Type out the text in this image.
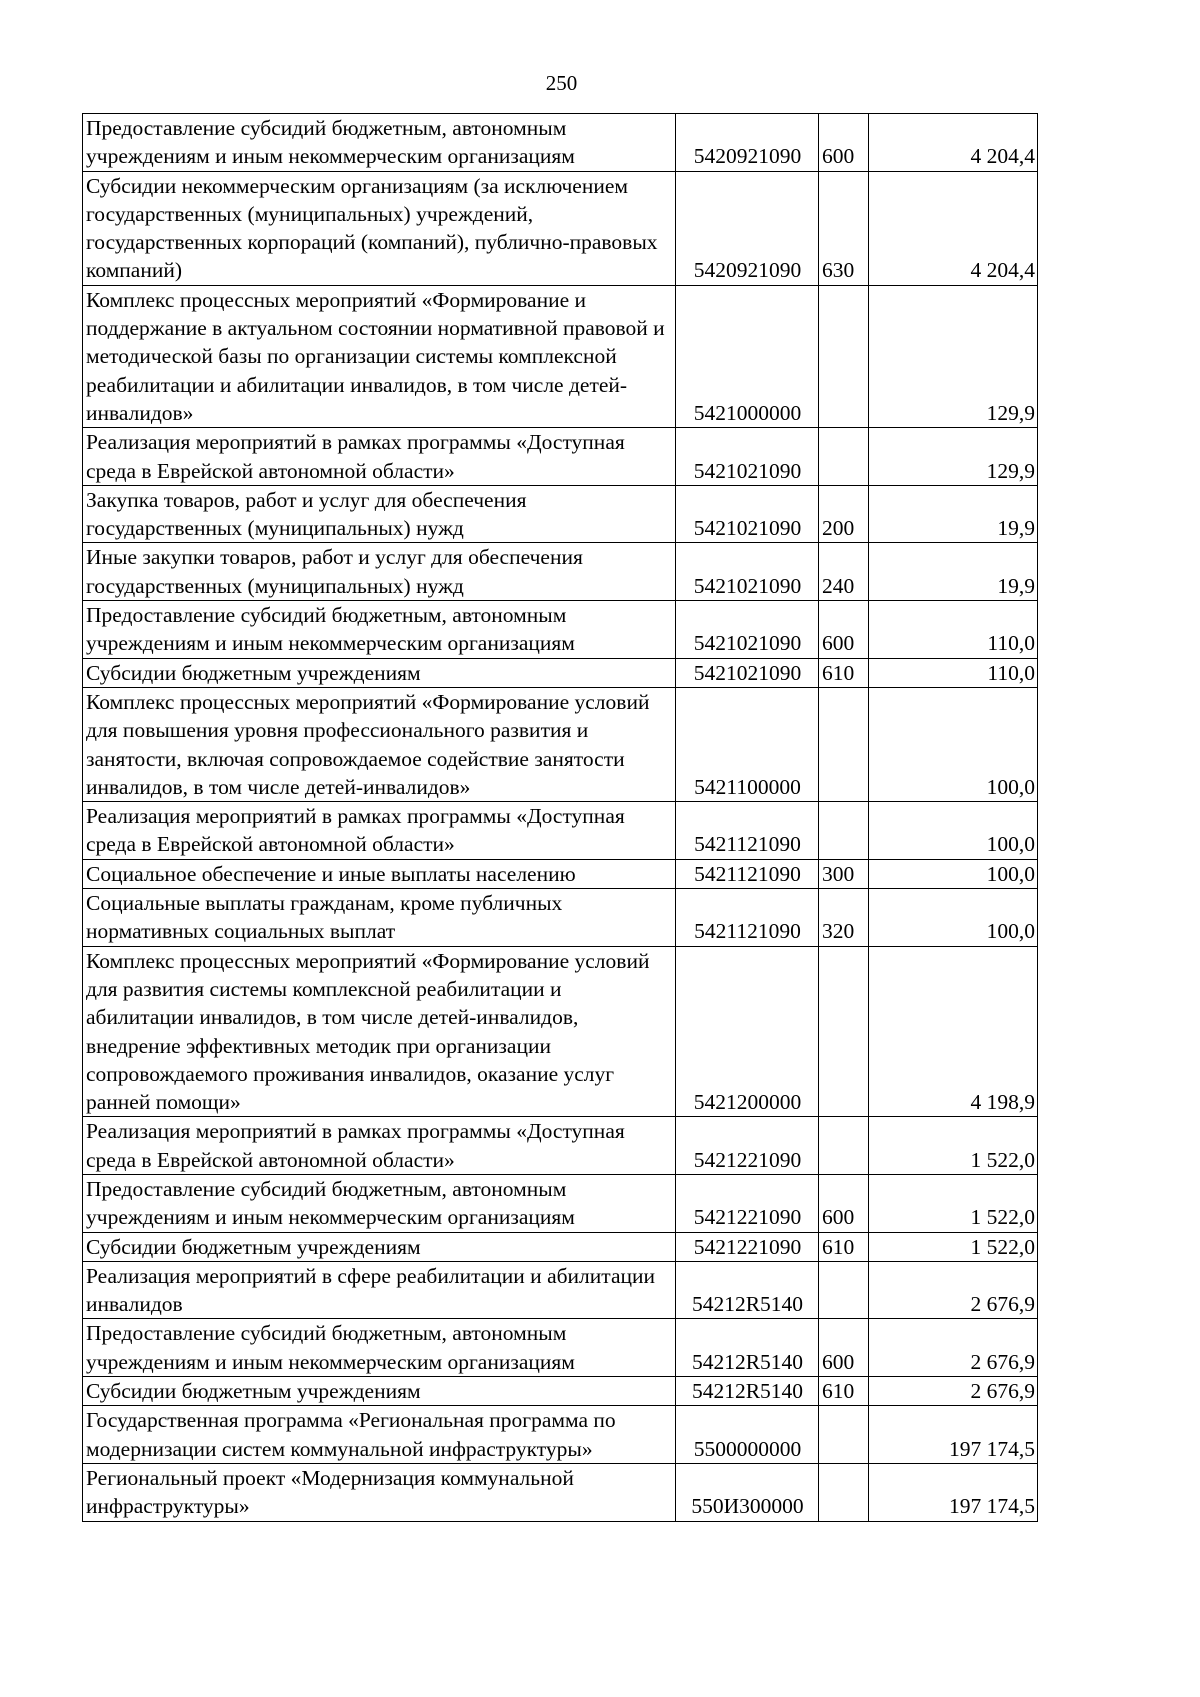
250
Предоставление субсидий бюджетным, автономным учреждениям и иным некоммерческим организациям	5420921090	600	4 204,4
Субсидии некоммерческим организациям (за исключением государственных (муниципальных) учреждений, государственных корпораций (компаний), публично-правовых компаний)	5420921090	630	4 204,4
Комплекс процессных мероприятий «Формирование и поддержание в актуальном состоянии нормативной правовой и методической базы по организации системы комплексной реабилитации и абилитации инвалидов, в том числе детей-инвалидов»	5421000000		129,9
Реализация мероприятий в рамках программы «Доступная среда в Еврейской автономной области»	5421021090		129,9
Закупка товаров, работ и услуг для обеспечения государственных (муниципальных) нужд	5421021090	200	19,9
Иные закупки товаров, работ и услуг для обеспечения государственных (муниципальных) нужд	5421021090	240	19,9
Предоставление субсидий бюджетным, автономным учреждениям и иным некоммерческим организациям	5421021090	600	110,0
Субсидии бюджетным учреждениям	5421021090	610	110,0
Комплекс процессных мероприятий «Формирование условий для повышения уровня профессионального развития и занятости, включая сопровождаемое содействие занятости инвалидов, в том числе детей-инвалидов»	5421100000		100,0
Реализация мероприятий в рамках программы «Доступная среда в Еврейской автономной области»	5421121090		100,0
Социальное обеспечение и иные выплаты населению	5421121090	300	100,0
Социальные выплаты гражданам, кроме публичных нормативных социальных выплат	5421121090	320	100,0
Комплекс процессных мероприятий «Формирование условий для развития системы комплексной реабилитации и абилитации инвалидов, в том числе детей-инвалидов, внедрение эффективных методик при организации сопровождаемого проживания инвалидов, оказание услуг ранней помощи»	5421200000		4 198,9
Реализация мероприятий в рамках программы «Доступная среда в Еврейской автономной области»	5421221090		1 522,0
Предоставление субсидий бюджетным, автономным учреждениям и иным некоммерческим организациям	5421221090	600	1 522,0
Субсидии бюджетным учреждениям	5421221090	610	1 522,0
Реализация мероприятий в сфере реабилитации и абилитации инвалидов	54212R5140		2 676,9
Предоставление субсидий бюджетным, автономным учреждениям и иным некоммерческим организациям	54212R5140	600	2 676,9
Субсидии бюджетным учреждениям	54212R5140	610	2 676,9
Государственная программа «Региональная программа по модернизации систем коммунальной инфраструктуры»	5500000000		197 174,5
Региональный проект «Модернизация коммунальной инфраструктуры»	550И300000		197 174,5
